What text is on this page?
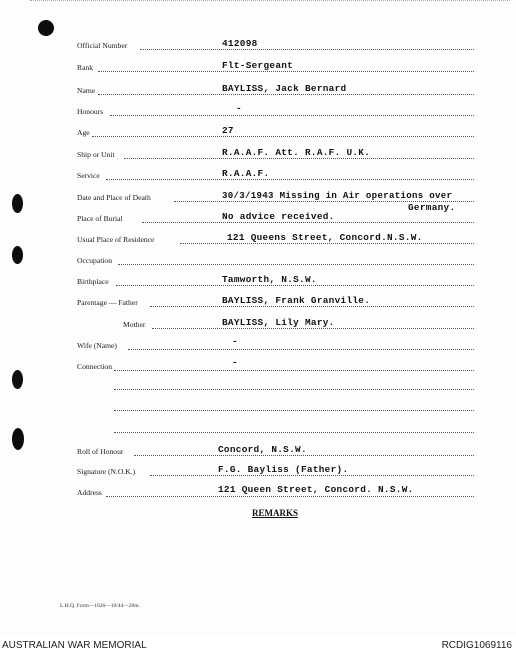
Official Number	412098
Rank	Flt-Sergeant
Name	BAYLISS, Jack Bernard
Honours	-
Age	27
Ship or Unit	R.A.A.F. Att. R.A.F. U.K.
Service	R.A.A.F.
Date and Place of Death	30/3/1943 Missing in Air operations over
Germany.
Place of Burial	No advice received.
Usual Place of Residence	121 Queens Street, Concord.N.S.W.
Occupation
Birthplace	Tamworth, N.S.W.
Parentage — Father	BAYLISS, Frank Granville.
Mother	BAYLISS, Lily Mary.
Wife (Name)	-
Connection	-
Roll of Honour	Concord, N.S.W.
Signature (N.O.K.)	F.G. Bayliss (Father).
Address	121 Queen Street, Concord. N.S.W.
REMARKS
L.H.Q. Form—1626—10/44—20m.
AUSTRALIAN WAR MEMORIAL	RCDIG1069116
